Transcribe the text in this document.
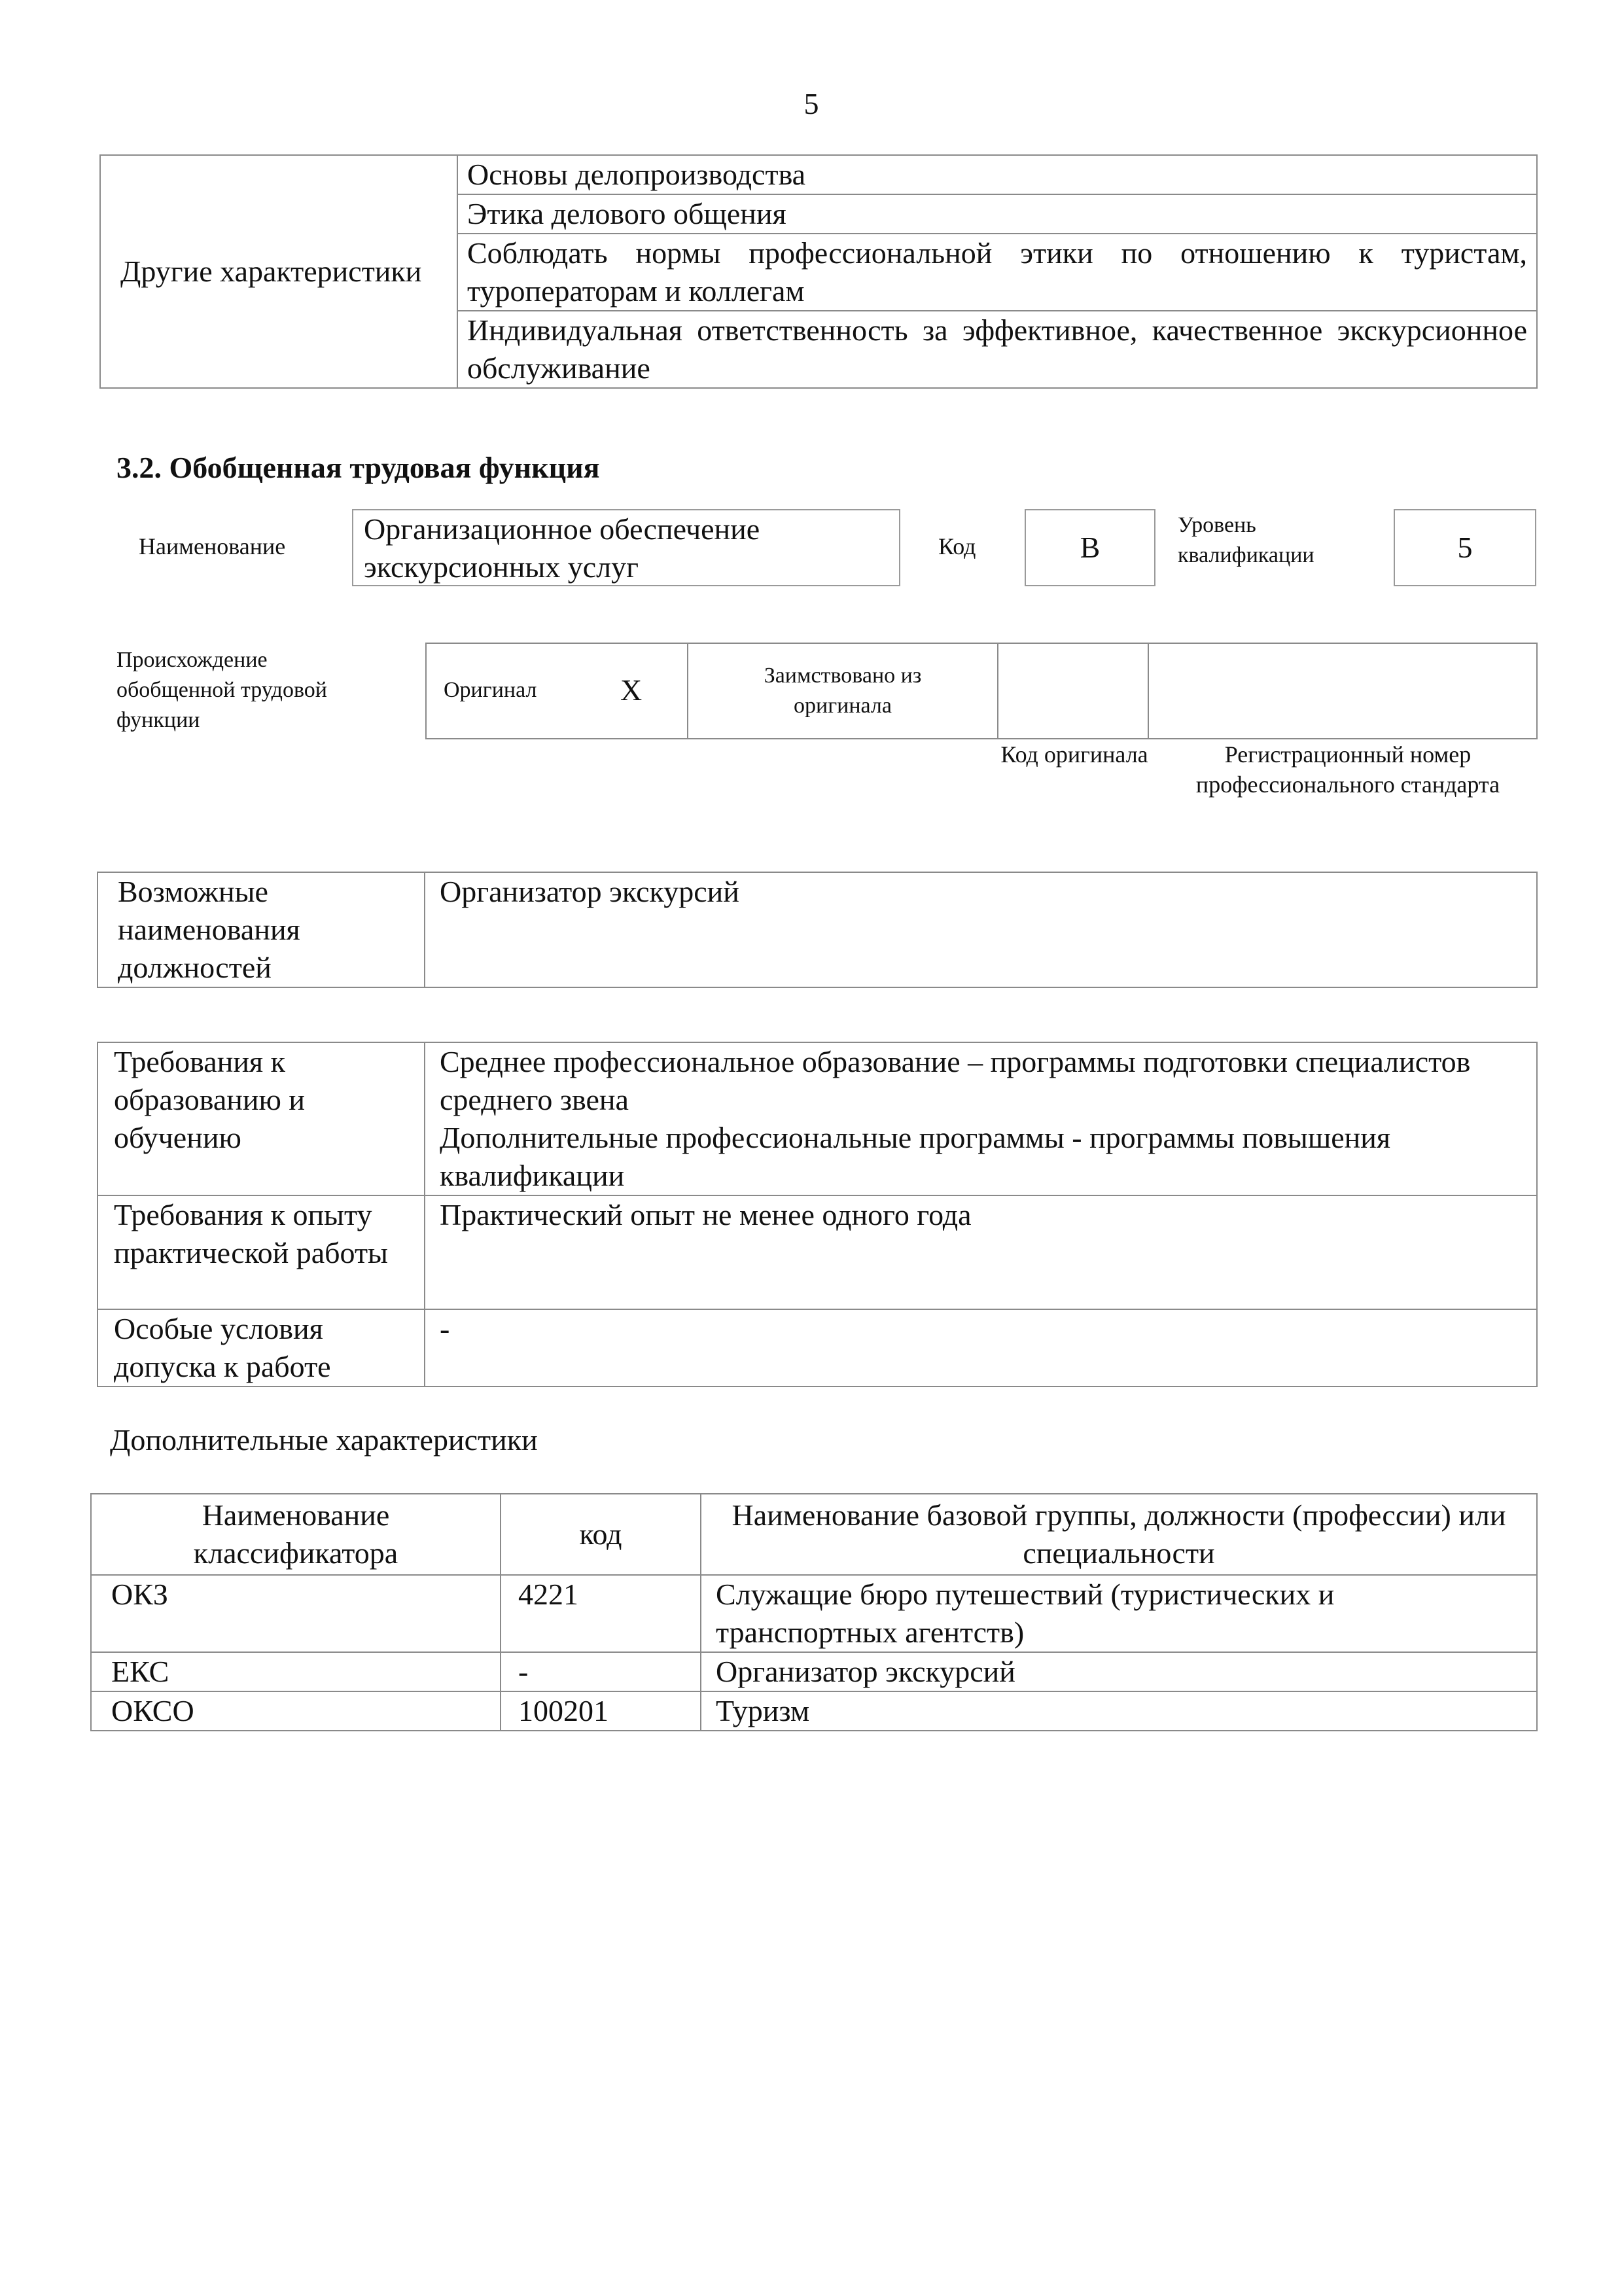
5
Другие характеристики	Основы делопроизводства
Этика делового общения
Соблюдать нормы профессиональной этики по отношению к туристам, туроператорам и коллегам
Индивидуальная ответственность за эффективное, качественное экскурсионное обслуживание
3.2. Обобщенная трудовая функция
Наименование
Организационное обеспечение экскурсионных услуг
Код	B
Уровень квалификации	5
Происхождение обобщенной трудовой функции
Оригинал	X	Заимствовано из оригинала		
Код оригинала	Регистрационный номер профессионального стандарта
Возможные наименования должностей	Организатор экскурсий
Требования к образованию и обучению	Среднее профессиональное образование – программы подготовки специалистов среднего звена
Дополнительные профессиональные программы - программы повышения квалификации
Требования к опыту практической работы	Практический опыт не менее одного года
Особые условия допуска к работе	-
Дополнительные характеристики
Наименование классификатора	код	Наименование базовой группы, должности (профессии) или специальности
ОКЗ	4221	Служащие бюро путешествий (туристических и транспортных агентств)
ЕКС	-	Организатор экскурсий
ОКСО	100201	Туризм
